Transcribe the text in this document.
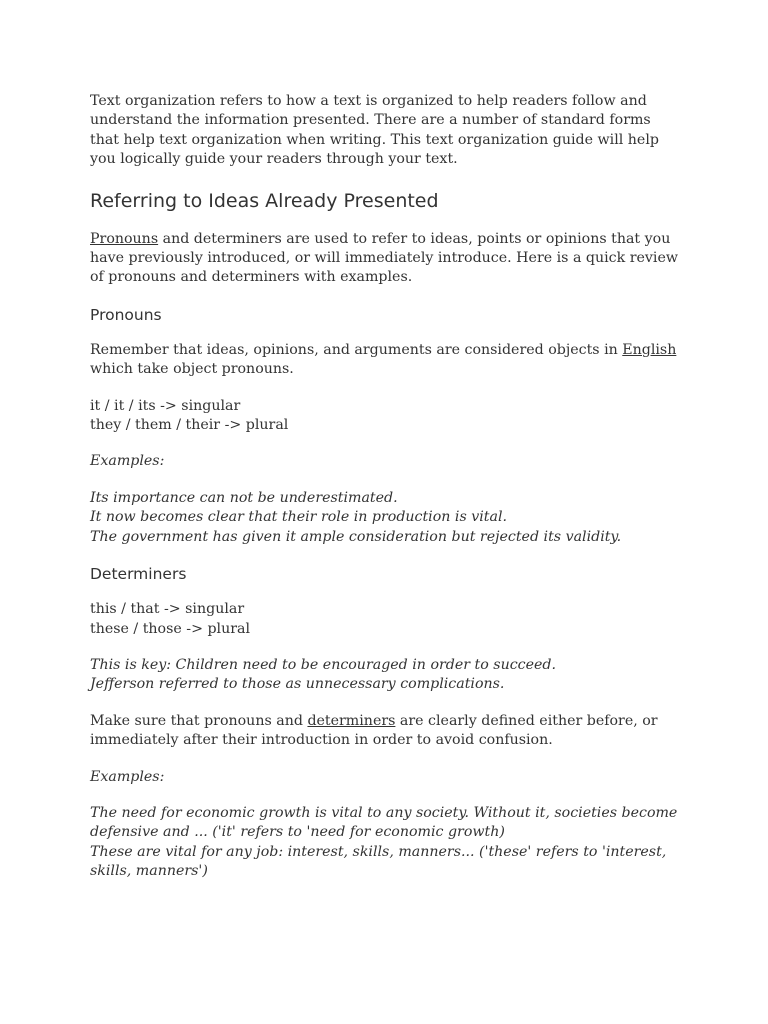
Text organization refers to how a text is organized to help readers follow and understand the information presented. There are a number of standard forms that help text organization when writing. This text organization guide will help you logically guide your readers through your text.

Referring to Ideas Already Presented

Pronouns and determiners are used to refer to ideas, points or opinions that you have previously introduced, or will immediately introduce. Here is a quick review of pronouns and determiners with examples.

Pronouns

Remember that ideas, opinions, and arguments are considered objects in English which take object pronouns.

it / it / its -> singular

they / them / their -> plural

Examples:

Its importance can not be underestimated.

It now becomes clear that their role in production is vital.

The government has given it ample consideration but rejected its validity.

Determiners

this / that -> singular

these / those -> plural

This is key: Children need to be encouraged in order to succeed.

Jefferson referred to those as unnecessary complications.

Make sure that pronouns and determiners are clearly defined either before, or immediately after their introduction in order to avoid confusion.

Examples:

The need for economic growth is vital to any society. Without it, societies become defensive and ... ('it' refers to 'need for economic growth)

These are vital for any job: interest, skills, manners... ('these' refers to 'interest, skills, manners')
